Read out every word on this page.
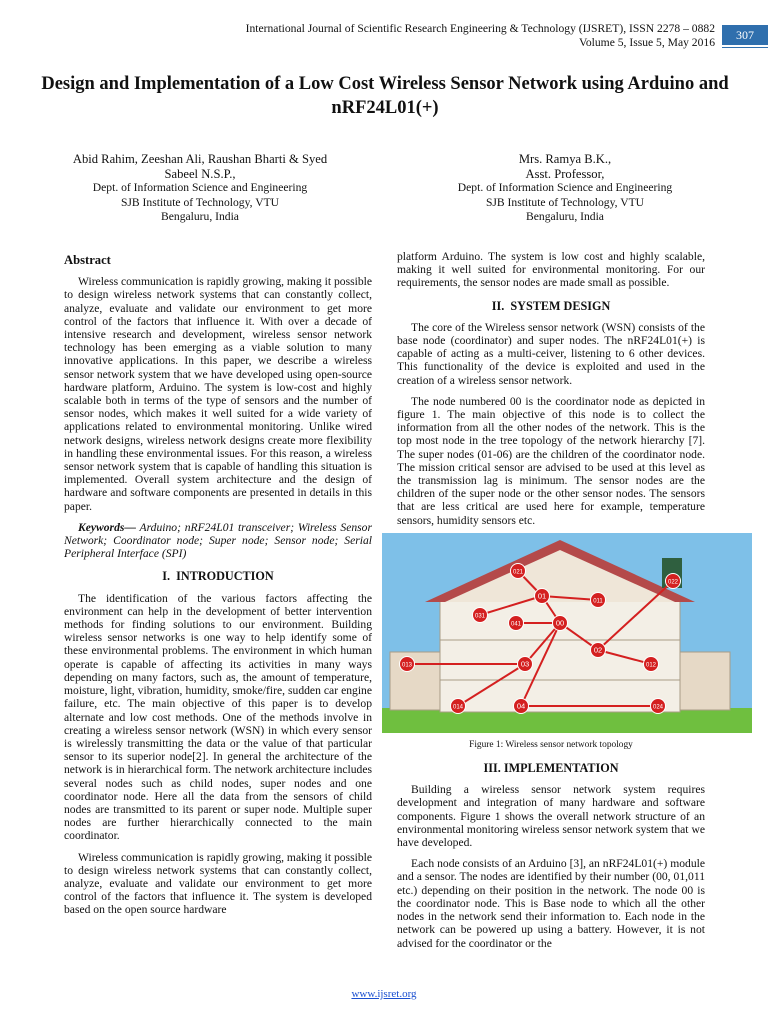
International Journal of Scientific Research Engineering & Technology (IJSRET), ISSN 2278 – 0882
Volume 5, Issue 5, May 2016
307
Design and Implementation of a Low Cost Wireless Sensor Network using Arduino and nRF24L01(+)
Abid Rahim, Zeeshan Ali, Raushan Bharti & Syed
Sabeel N.S.P.,
Dept. of Information Science and Engineering
SJB Institute of Technology, VTU
Bengaluru, India
Mrs. Ramya B.K.,
Asst. Professor,
Dept. of Information Science and Engineering
SJB Institute of Technology, VTU
Bengaluru, India
Abstract

Wireless communication is rapidly growing, making it possible to design wireless network systems that can constantly collect, analyze, evaluate and validate our environment to get more control of the factors that influence it. With over a decade of intensive research and development, wireless sensor network technology has been emerging as a viable solution to many innovative applications. In this paper, we describe a wireless sensor network system that we have developed using open-source hardware platform, Arduino. The system is low-cost and highly scalable both in terms of the type of sensors and the number of sensor nodes, which makes it well suited for a wide variety of applications related to environmental monitoring. Unlike wired network designs, wireless network designs create more flexibility in handling these environmental issues. For this reason, a wireless sensor network system that is capable of handling this situation is implemented. Overall system architecture and the design of hardware and software components are presented in details in this paper.

Keywords— Arduino; nRF24L01 transceiver; Wireless Sensor Network; Coordinator node; Super node; Sensor node; Serial Peripheral Interface (SPI)

I. INTRODUCTION

The identification of the various factors affecting the environment can help in the development of better intervention methods for finding solutions to our environment. Building wireless sensor networks is one way to help identify some of these environmental problems. The environment in which human operate is capable of affecting its activities in many ways depending on many factors, such as, the amount of temperature, moisture, light, vibration, humidity, smoke/fire, sudden car engine failure, etc. The main objective of this paper is to develop alternate and low cost methods. One of the methods involve in creating a wireless sensor network (WSN) in which every sensor is wirelessly transmitting the data or the value of that particular sensor to its superior node[2]. In general the architecture of the network is in hierarchical form. The network architecture includes several nodes such as child nodes, super nodes and one coordinator node. Here all the data from the sensors of child nodes are transmitted to its parent or super node. Multiple super nodes are further hierarchically connected to the main coordinator.

Wireless communication is rapidly growing, making it possible to design wireless network systems that can constantly collect, analyze, evaluate and validate our environment to get more control of the factors that influence it. The system is developed based on the open source hardware

platform Arduino. The system is low cost and highly scalable, making it well suited for environmental monitoring. For our requirements, the sensor nodes are made small as possible.

II. SYSTEM DESIGN

The core of the Wireless sensor network (WSN) consists of the base node (coordinator) and super nodes. The nRF24L01(+) is capable of acting as a multi-ceiver, listening to 6 other devices. This functionality of the device is exploited and used in the creation of a wireless sensor network.

The node numbered 00 is the coordinator node as depicted in figure 1. The main objective of this node is to collect the information from all the other nodes of the network. This is the top most node in the tree topology of the network hierarchy [7]. The super nodes (01-06) are the children of the coordinator node. The mission critical sensor are advised to be used at this level as the transmission lag is minimum. The sensor nodes are the children of the super node or the other sensor nodes. The sensors that are less critical are used here for example, temperature sensors, humidity sensors etc.

00
01
02
03
04
011
012
013
014
021
022
024
031
041
Figure 1: Wireless sensor network topology
III. IMPLEMENTATION

Building a wireless sensor network system requires development and integration of many hardware and software components. Figure 1 shows the overall network structure of an environmental monitoring wireless sensor network system that we have developed.

Each node consists of an Arduino [3], an nRF24L01(+) module and a sensor. The nodes are identified by their number (00, 01,011 etc.) depending on their position in the network. The node 00 is the coordinator node. This is Base node to which all the other nodes in the network send their information to. Each node in the network can be powered up using a battery. However, it is not advised for the coordinator or the

www.ijsret.org
